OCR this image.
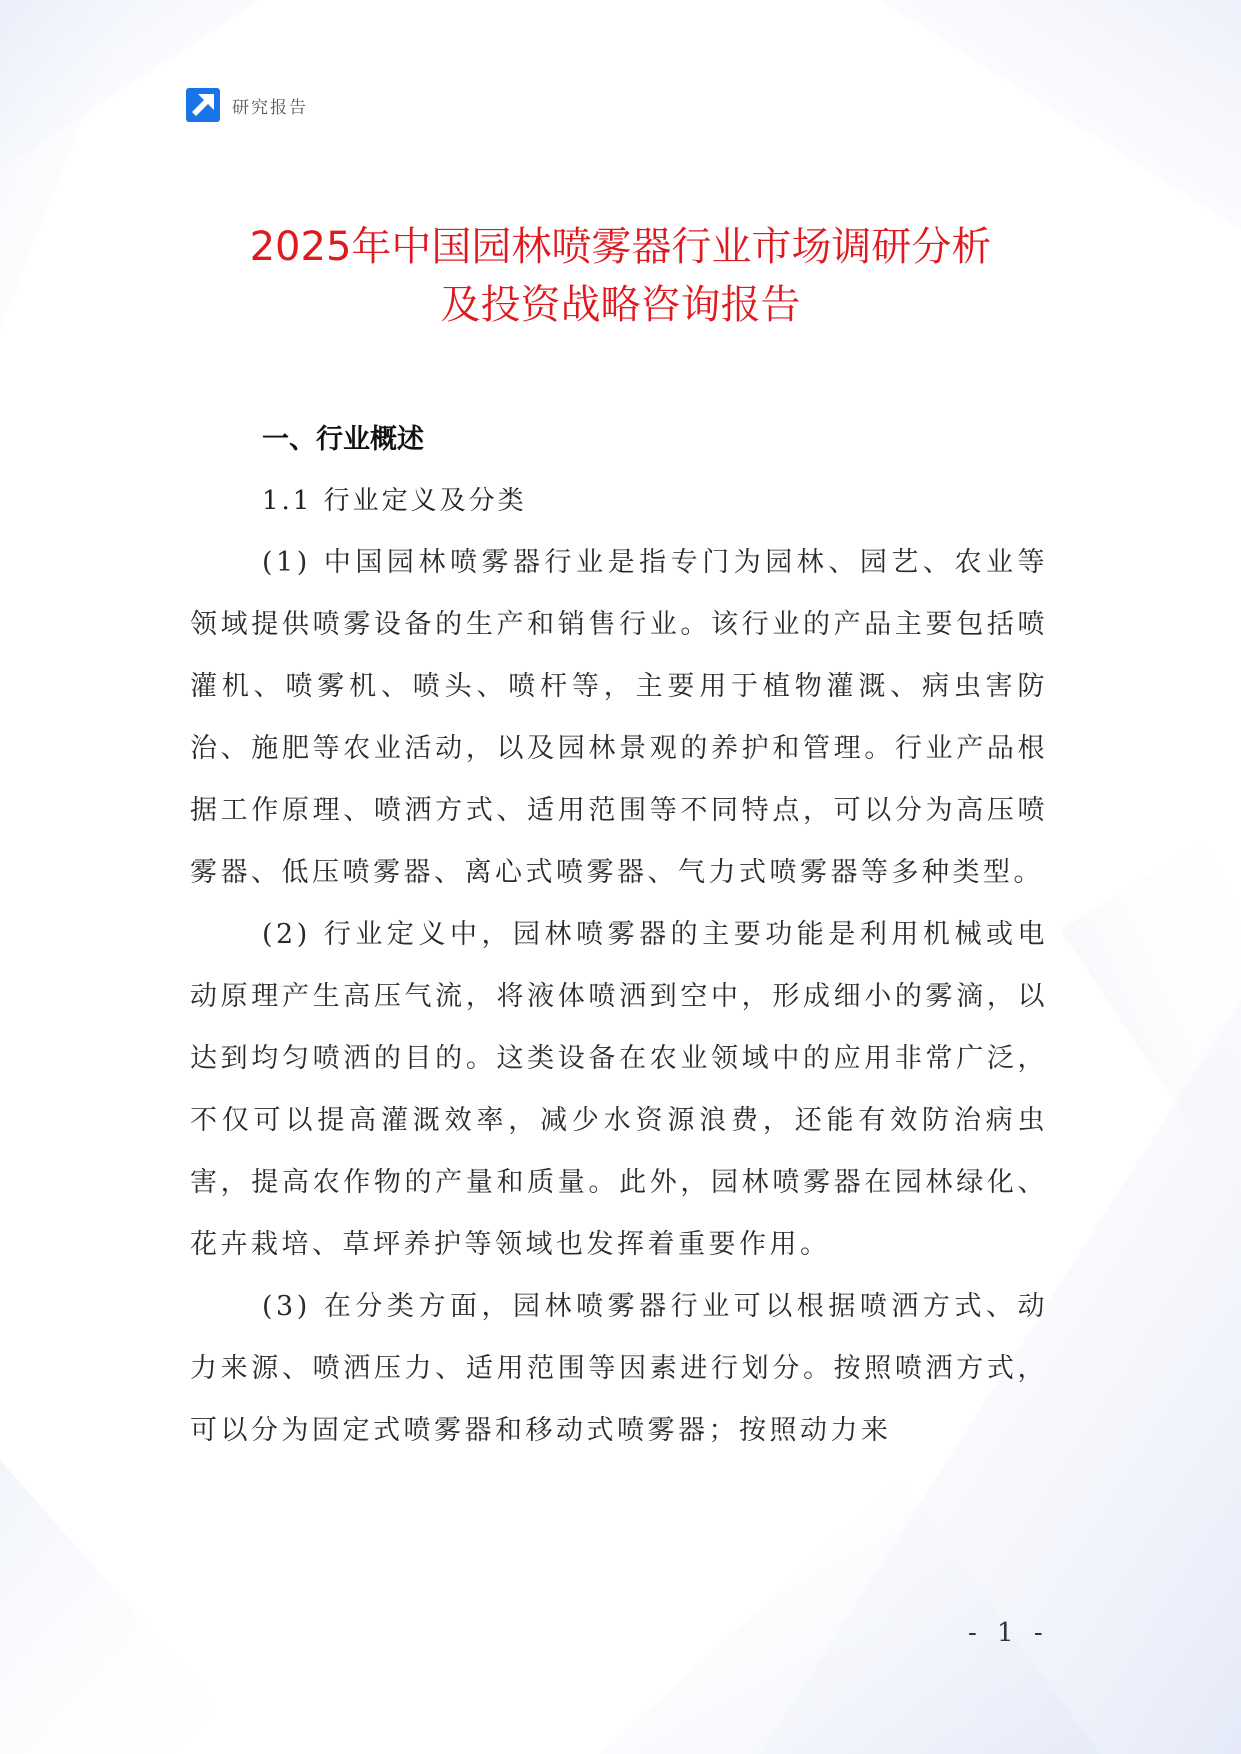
研究报告
2025年中国园林喷雾器行业市场调研分析
及投资战略咨询报告
一、行业概述
1.1 行业定义及分类

(1) 中国园林喷雾器行业是指专门为园林、园艺、农业等领域提供喷雾设备的生产和销售行业。该行业的产品主要包括喷灌机、喷雾机、喷头、喷杆等，主要用于植物灌溉、病虫害防治、施肥等农业活动，以及园林景观的养护和管理。行业产品根据工作原理、喷洒方式、适用范围等不同特点，可以分为高压喷雾器、低压喷雾器、离心式喷雾器、气力式喷雾器等多种类型。

(2) 行业定义中，园林喷雾器的主要功能是利用机械或电动原理产生高压气流，将液体喷洒到空中，形成细小的雾滴，以达到均匀喷洒的目的。这类设备在农业领域中的应用非常广泛，不仅可以提高灌溉效率，减少水资源浪费，还能有效防治病虫害，提高农作物的产量和质量。此外，园林喷雾器在园林绿化、花卉栽培、草坪养护等领域也发挥着重要作用。

(3) 在分类方面，园林喷雾器行业可以根据喷洒方式、动力来源、喷洒压力、适用范围等因素进行划分。按照喷洒方式，可以分为固定式喷雾器和移动式喷雾器；按照动力来

- 1 -
